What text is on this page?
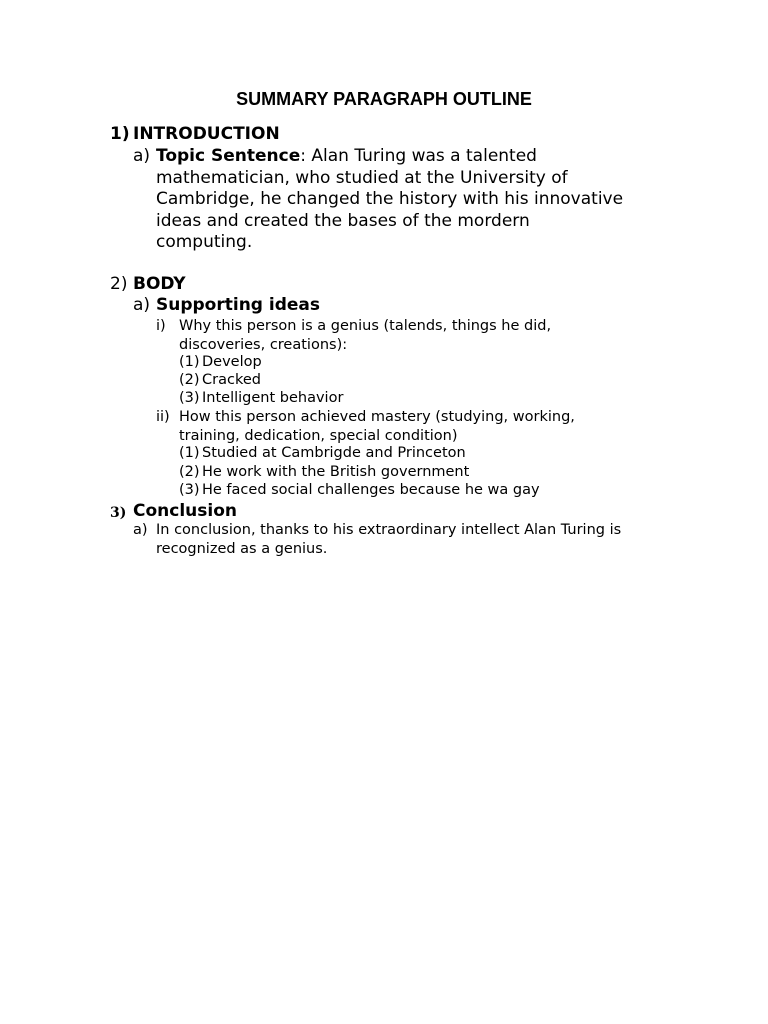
SUMMARY PARAGRAPH OUTLINE
1) INTRODUCTION
a) Topic Sentence: Alan Turing was a talented
mathematician, who studied at the University of
Cambridge, he changed the history with his innovative
ideas and created the bases of the mordern
computing.
2) BODY
a) Supporting ideas
i) Why this person is a genius (talends, things he did,
discoveries, creations):
(1) Develop
(2) Cracked
(3) Intelligent behavior
ii) How this person achieved mastery (studying, working,
training, dedication, special condition)
(1) Studied at Cambrigde and Princeton
(2) He work with the British government
(3) He faced social challenges because he wa gay
3) Conclusion
a) In conclusion, thanks to his extraordinary intellect Alan Turing is
recognized as a genius.
